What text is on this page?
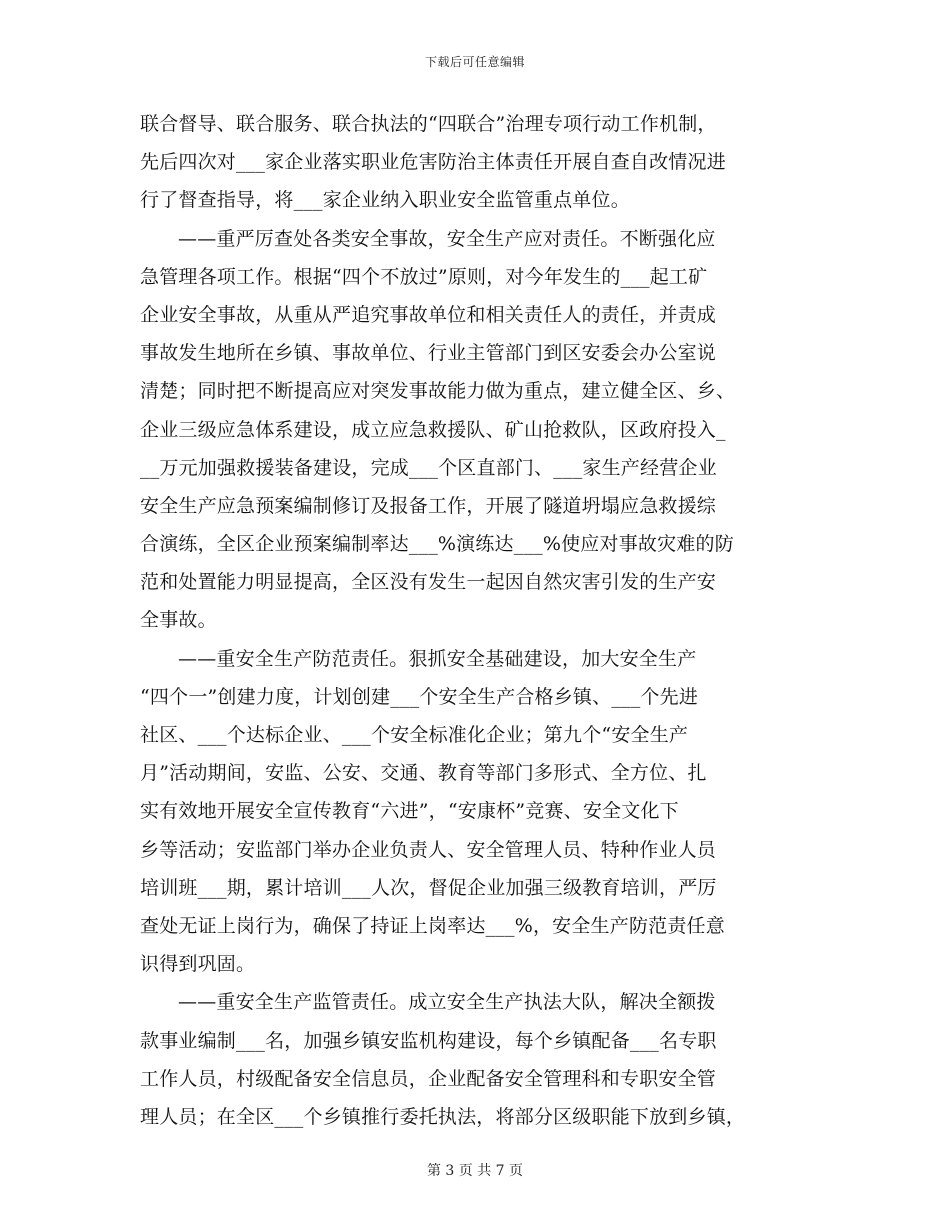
下载后可任意编辑
联合督导、联合服务、联合执法的“四联合”治理专项行动工作机制，
先后四次对___家企业落实职业危害防治主体责任开展自查自改情况进
行了督查指导，将___家企业纳入职业安全监管重点单位。
——重严厉查处各类安全事故，安全生产应对责任。不断强化应
急管理各项工作。根据“四个不放过”原则，对今年发生的___起工矿
企业安全事故，从重从严追究事故单位和相关责任人的责任，并责成
事故发生地所在乡镇、事故单位、行业主管部门到区安委会办公室说
清楚；同时把不断提高应对突发事故能力做为重点，建立健全区、乡、
企业三级应急体系建设，成立应急救援队、矿山抢救队，区政府投入_
__万元加强救援装备建设，完成___个区直部门、___家生产经营企业
安全生产应急预案编制修订及报备工作，开展了隧道坍塌应急救援综
合演练，全区企业预案编制率达___%演练达___%使应对事故灾难的防
范和处置能力明显提高，全区没有发生一起因自然灾害引发的生产安
全事故。
——重安全生产防范责任。狠抓安全基础建设，加大安全生产
“四个一”创建力度，计划创建___个安全生产合格乡镇、___个先进
社区、___个达标企业、___个安全标准化企业；第九个“安全生产
月”活动期间，安监、公安、交通、教育等部门多形式、全方位、扎
实有效地开展安全宣传教育“六进”，“安康杯”竞赛、安全文化下
乡等活动；安监部门举办企业负责人、安全管理人员、特种作业人员
培训班___期，累计培训___人次，督促企业加强三级教育培训，严厉
查处无证上岗行为，确保了持证上岗率达___%，安全生产防范责任意
识得到巩固。
——重安全生产监管责任。成立安全生产执法大队，解决全额拨
款事业编制___名，加强乡镇安监机构建设，每个乡镇配备___名专职
工作人员，村级配备安全信息员，企业配备安全管理科和专职安全管
理人员；在全区___个乡镇推行委托执法，将部分区级职能下放到乡镇，
第 3 页 共 7 页
